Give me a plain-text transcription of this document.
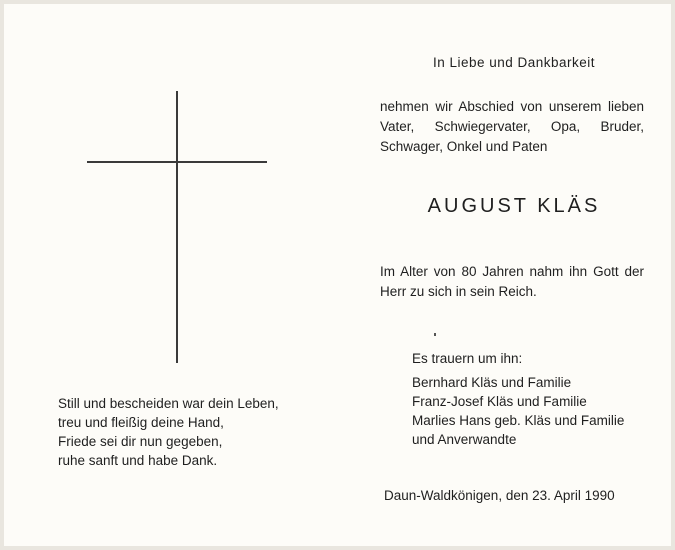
Still und bescheiden war dein Leben,
treu und fleißig deine Hand,
Friede sei dir nun gegeben,
ruhe sanft und habe Dank.
In Liebe und Dankbarkeit
nehmen wir Abschied von unserem lieben Vater, Schwiegervater, Opa, Bruder, Schwager, Onkel und Paten
AUGUST KLÄS
Im Alter von 80 Jahren nahm ihn Gott der Herr zu sich in sein Reich.
Es trauern um ihn:
Bernhard Kläs und Familie
Franz-Josef Kläs und Familie
Marlies Hans geb. Kläs und Familie
und Anverwandte
Daun-Waldkönigen, den 23. April 1990
